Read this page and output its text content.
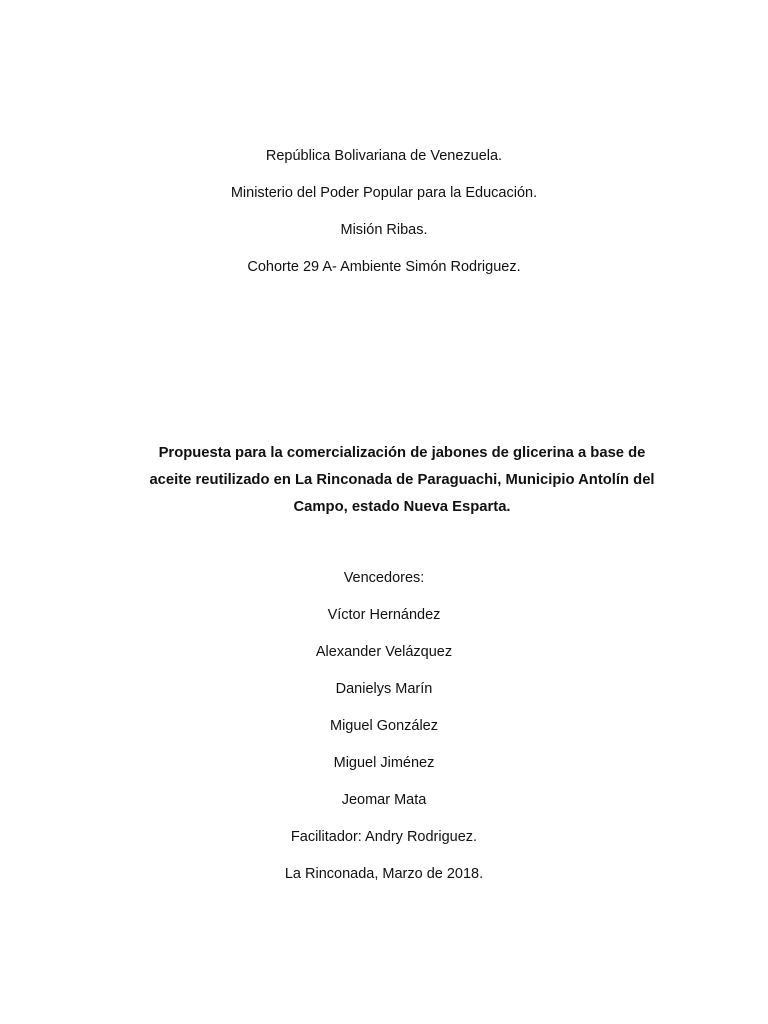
República Bolivariana de Venezuela.
Ministerio del Poder Popular para la Educación.
Misión Ribas.
Cohorte 29 A- Ambiente Simón Rodriguez.
Propuesta para la comercialización de jabones de glicerina a base de
aceite reutilizado en La Rinconada de Paraguachi, Municipio Antolín del
Campo, estado Nueva Esparta.
Vencedores:
Víctor Hernández
Alexander Velázquez
Danielys Marín
Miguel González
Miguel Jiménez
Jeomar Mata
Facilitador: Andry Rodriguez.
La Rinconada, Marzo de 2018.
